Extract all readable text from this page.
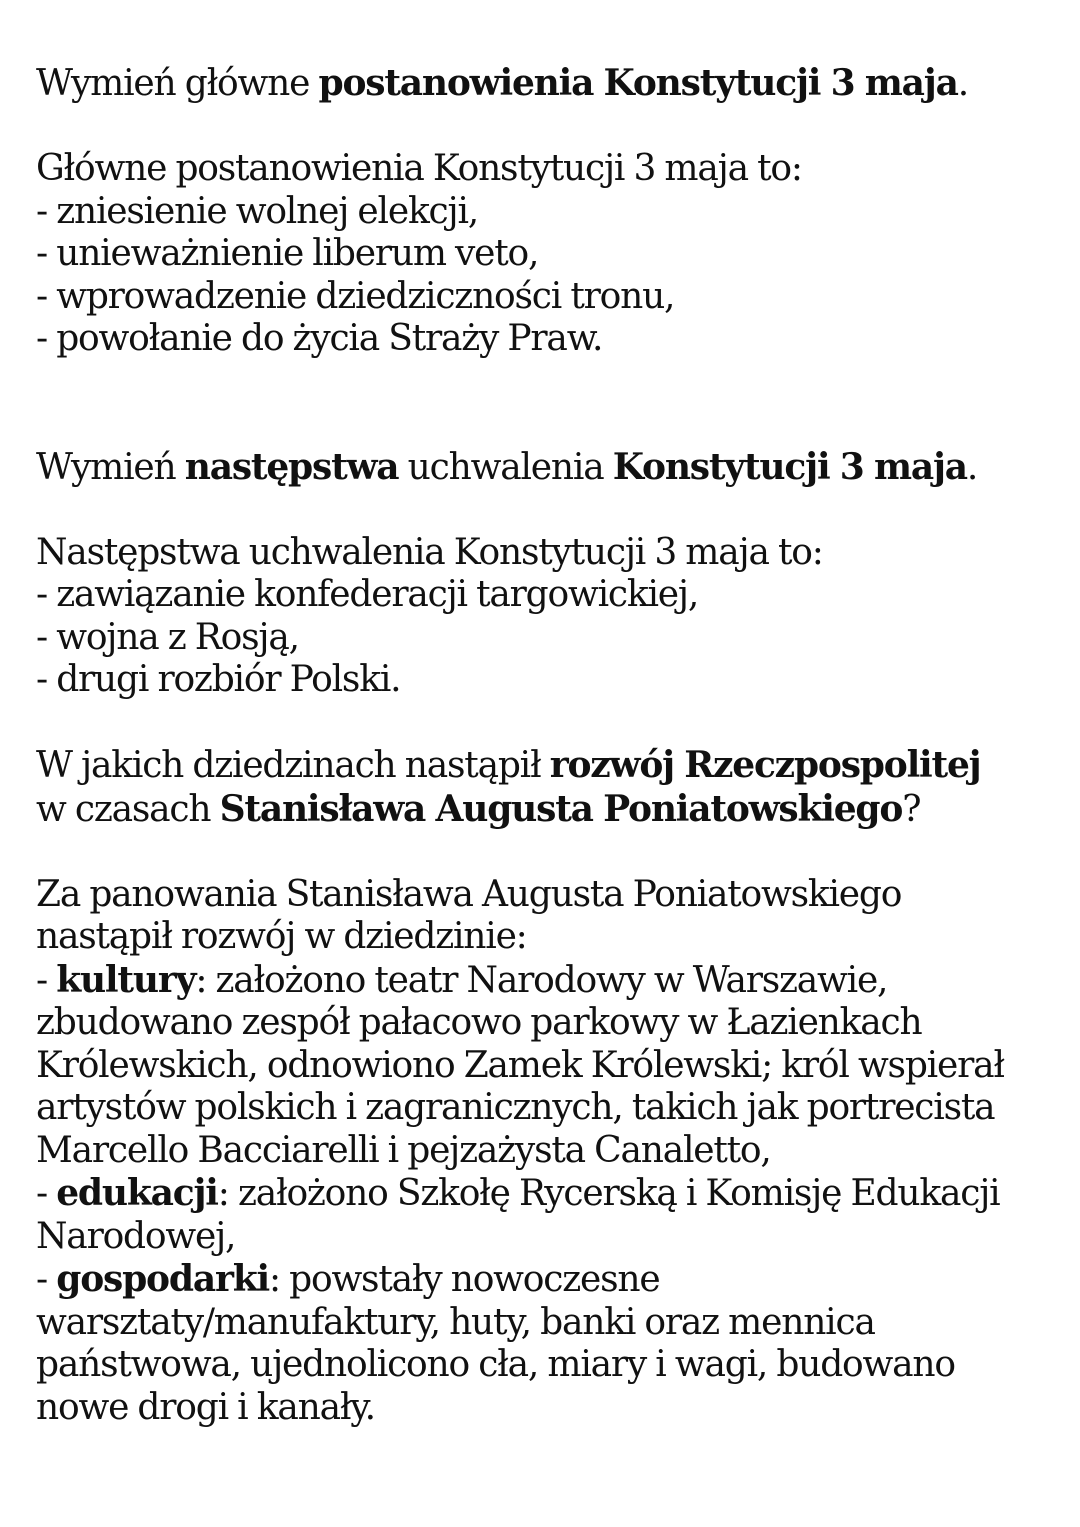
Wymień główne postanowienia Konstytucji 3 maja.

Główne postanowienia Konstytucji 3 maja to:

- zniesienie wolnej elekcji,

- unieważnienie liberum veto,

- wprowadzenie dziedziczności tronu,

- powołanie do życia Straży Praw.

Wymień następstwa uchwalenia Konstytucji 3 maja.

Następstwa uchwalenia Konstytucji 3 maja to:

- zawiązanie konfederacji targowickiej,

- wojna z Rosją,

- drugi rozbiór Polski.

W jakich dziedzinach nastąpił rozwój Rzeczpospolitej

w czasach Stanisława Augusta Poniatowskiego?

Za panowania Stanisława Augusta Poniatowskiego

nastąpił rozwój w dziedzinie:

- kultury: założono teatr Narodowy w Warszawie,

zbudowano zespół pałacowo parkowy w Łazienkach

Królewskich, odnowiono Zamek Królewski; król wspierał

artystów polskich i zagranicznych, takich jak portrecista

Marcello Bacciarelli i pejzażysta Canaletto,

- edukacji: założono Szkołę Rycerską i Komisję Edukacji

Narodowej,

- gospodarki: powstały nowoczesne

warsztaty/manufaktury, huty, banki oraz mennica

państwowa, ujednolicono cła, miary i wagi, budowano

nowe drogi i kanały.
